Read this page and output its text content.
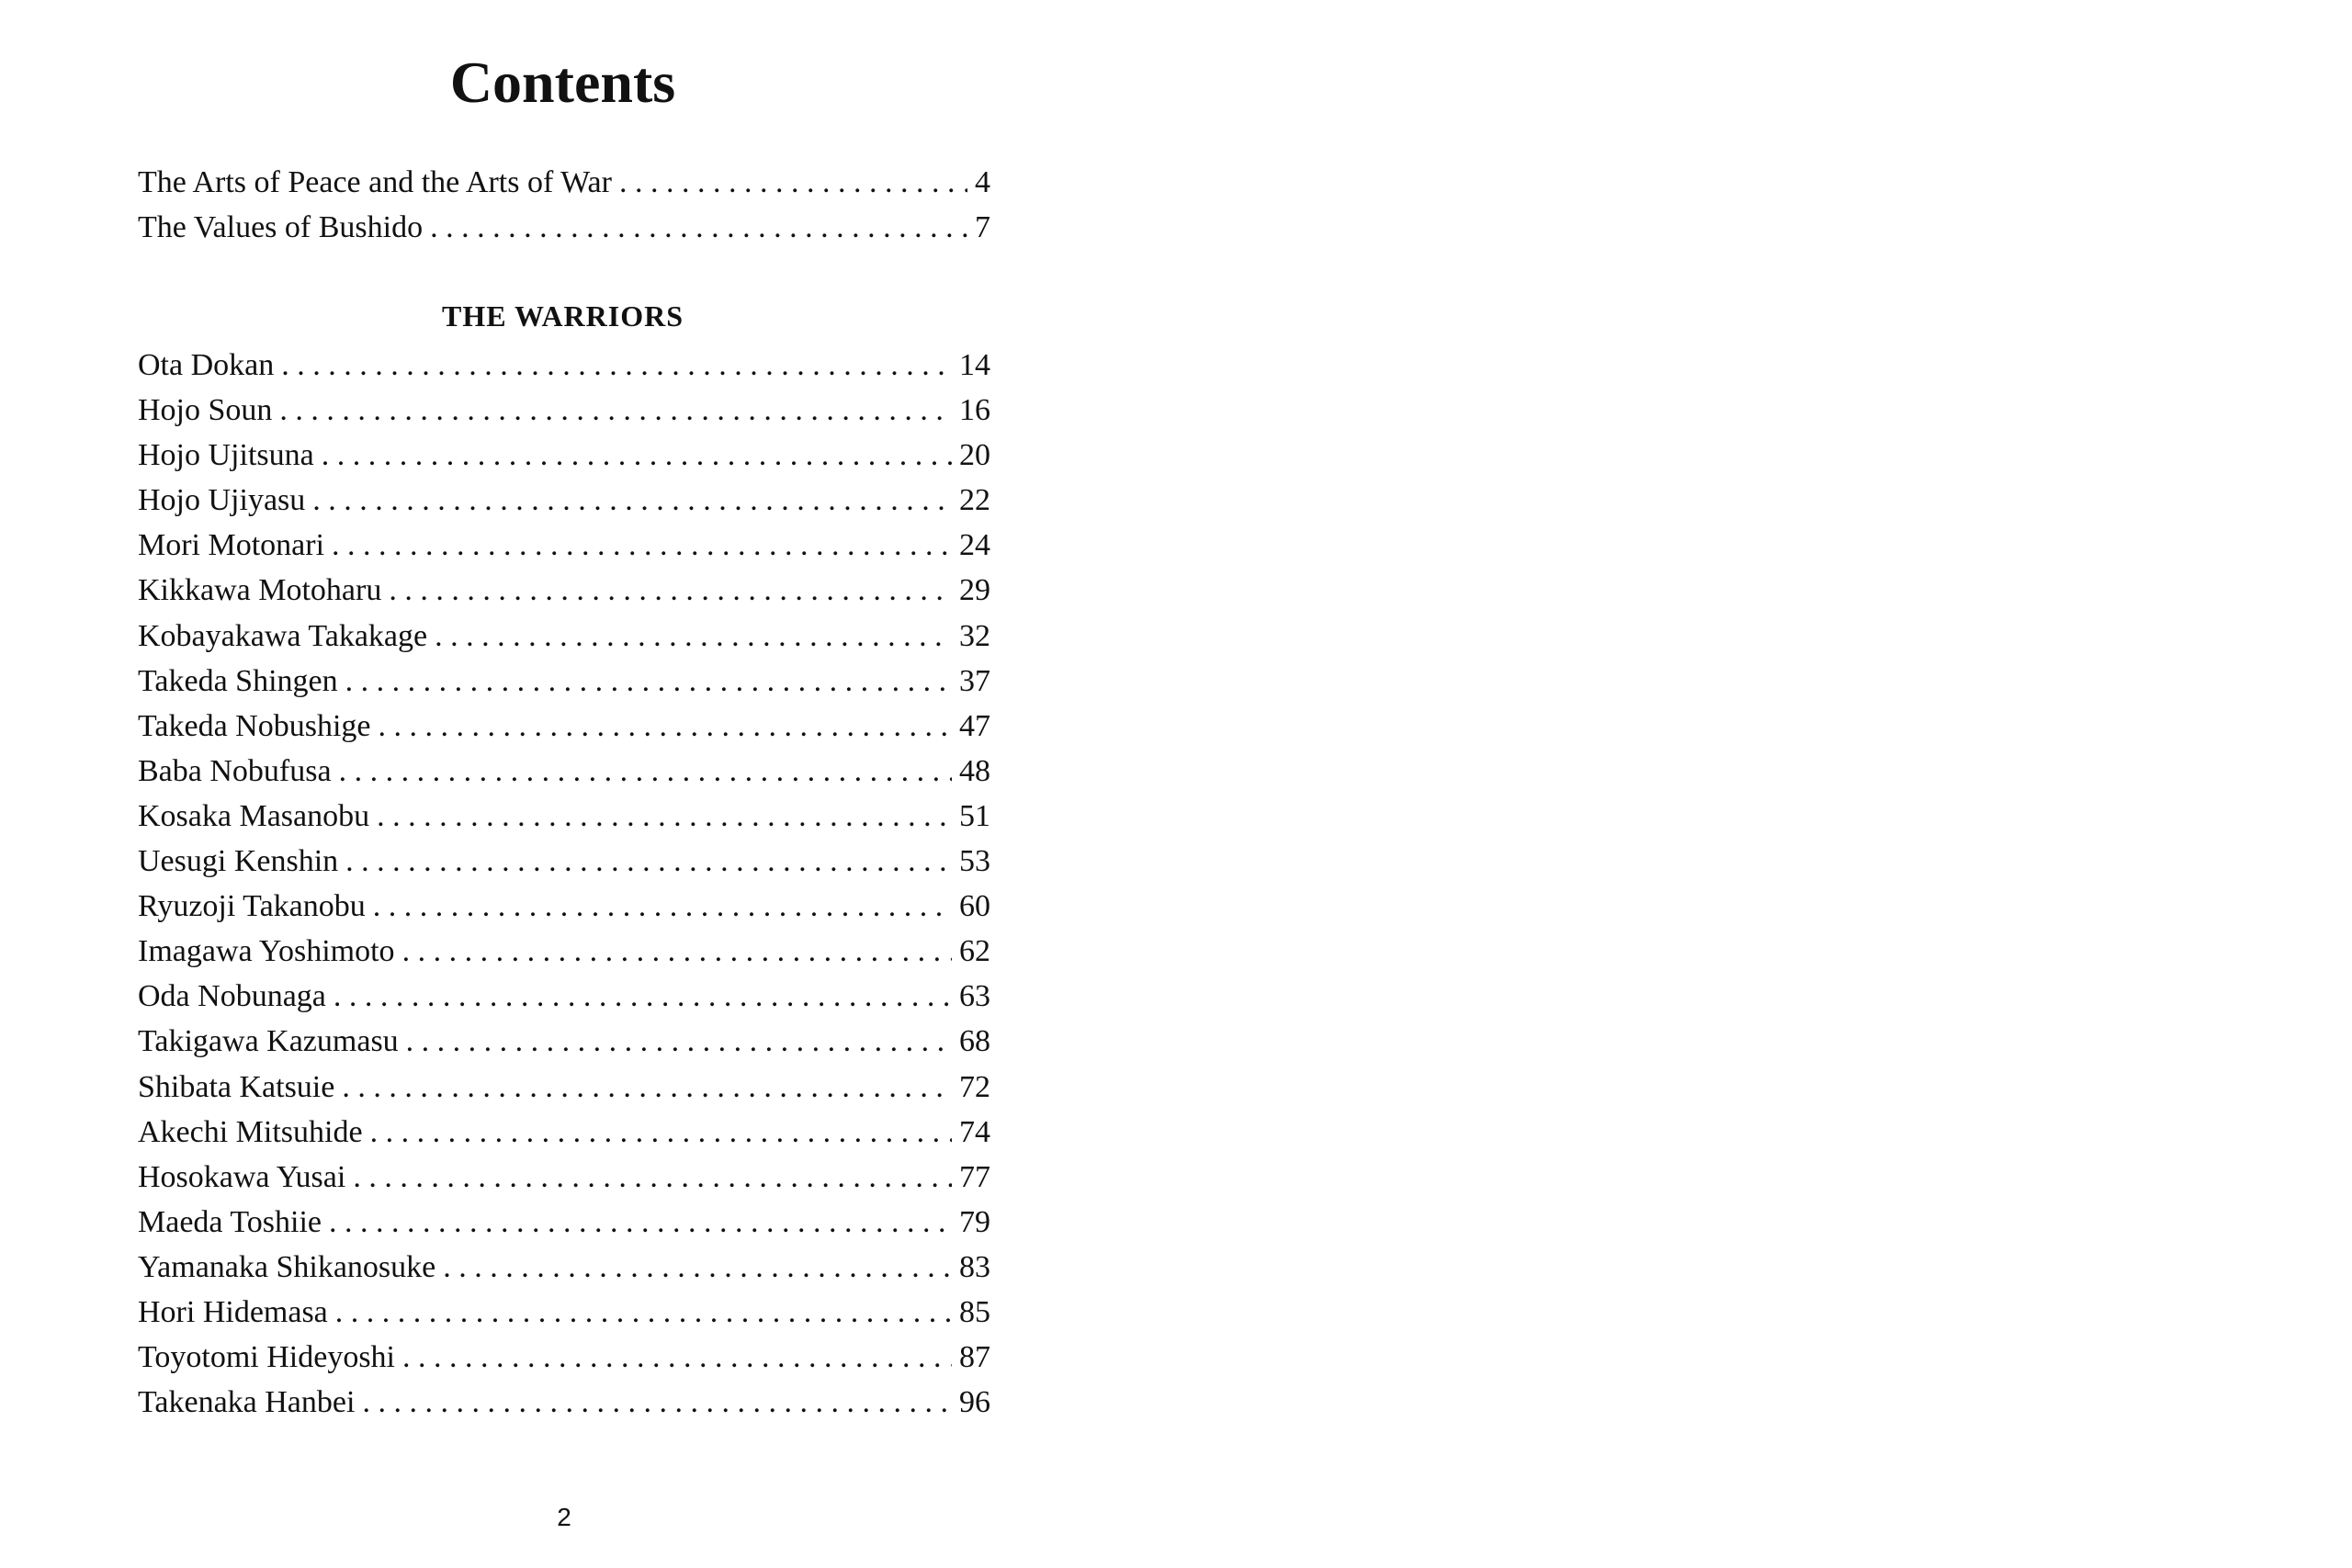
Contents
The Arts of Peace and the Arts of War . . .	4
The Values of Bushido . . .	7
THE WARRIORS
Ota Dokan . . .	14
Hojo Soun . . .	16
Hojo Ujitsuna . . .	20
Hojo Ujiyasu . . .	22
Mori Motonari . . .	24
Kikkawa Motoharu . . .	29
Kobayakawa Takakage . . .	32
Takeda Shingen . . .	37
Takeda Nobushige . . .	47
Baba Nobufusa . . .	48
Kosaka Masanobu . . .	51
Uesugi Kenshin . . .	53
Ryuzoji Takanobu . . .	60
Imagawa Yoshimoto . . .	62
Oda Nobunaga . . .	63
Takigawa Kazumasu . . .	68
Shibata Katsuie . . .	72
Akechi Mitsuhide . . .	74
Hosokawa Yusai . . .	77
Maeda Toshiie . . .	79
Yamanaka Shikanosuke . . .	83
Hori Hidemasa . . .	85
Toyotomi Hideyoshi . . .	87
Takenaka Hanbei . . .	96
2
